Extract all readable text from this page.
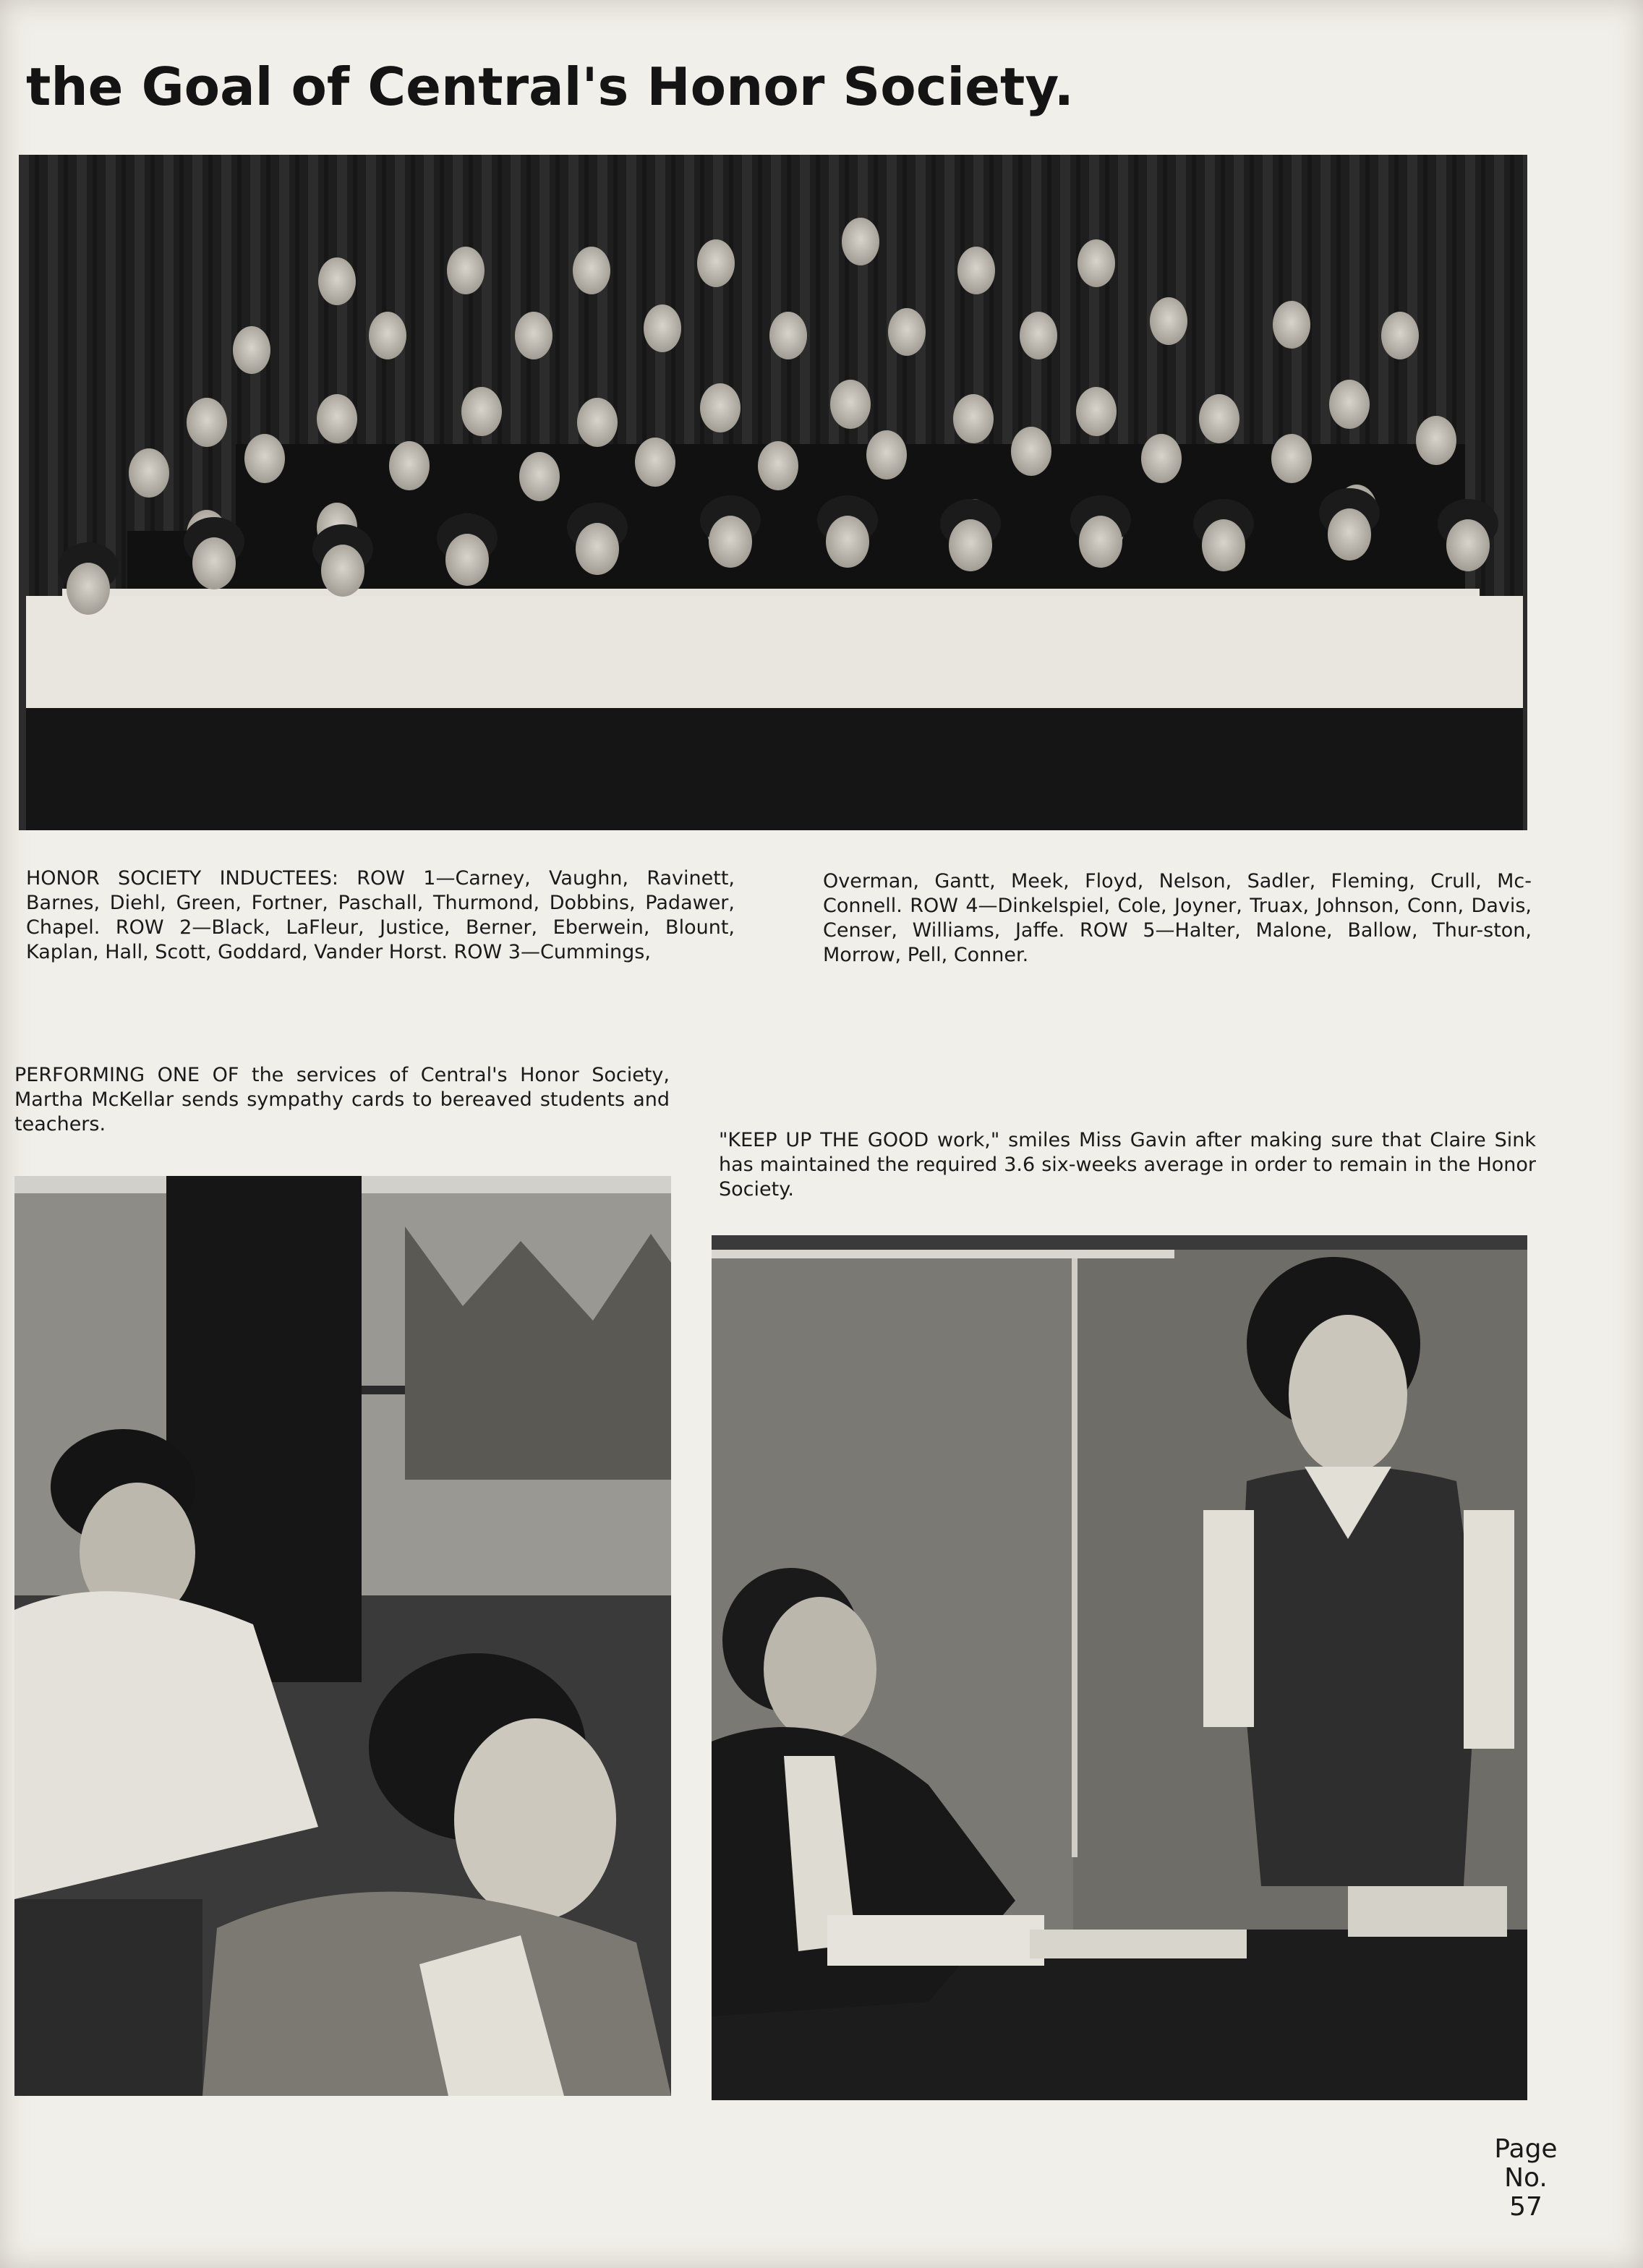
the Goal of Central's Honor Society.

HONOR SOCIETY INDUCTEES: ROW 1—Carney, Vaughn, Ravinett, Barnes, Diehl, Green, Fortner, Paschall, Thurmond, Dobbins, Padawer, Chapel. ROW 2—Black, LaFleur, Justice, Berner, Eberwein, Blount, Kaplan, Hall, Scott, Goddard, Vander Horst. ROW 3—Cummings,

Overman, Gantt, Meek, Floyd, Nelson, Sadler, Fleming, Crull, Mc-Connell. ROW 4—Dinkelspiel, Cole, Joyner, Truax, Johnson, Conn, Davis, Censer, Williams, Jaffe. ROW 5—Halter, Malone, Ballow, Thur-ston, Morrow, Pell, Conner.

PERFORMING ONE OF the services of Central's Honor Society, Martha McKellar sends sympathy cards to bereaved students and teachers.

"KEEP UP THE GOOD work," smiles Miss Gavin after making sure that Claire Sink has maintained the required 3.6 six-weeks average in order to remain in the Honor Society.

Page
No.
57
